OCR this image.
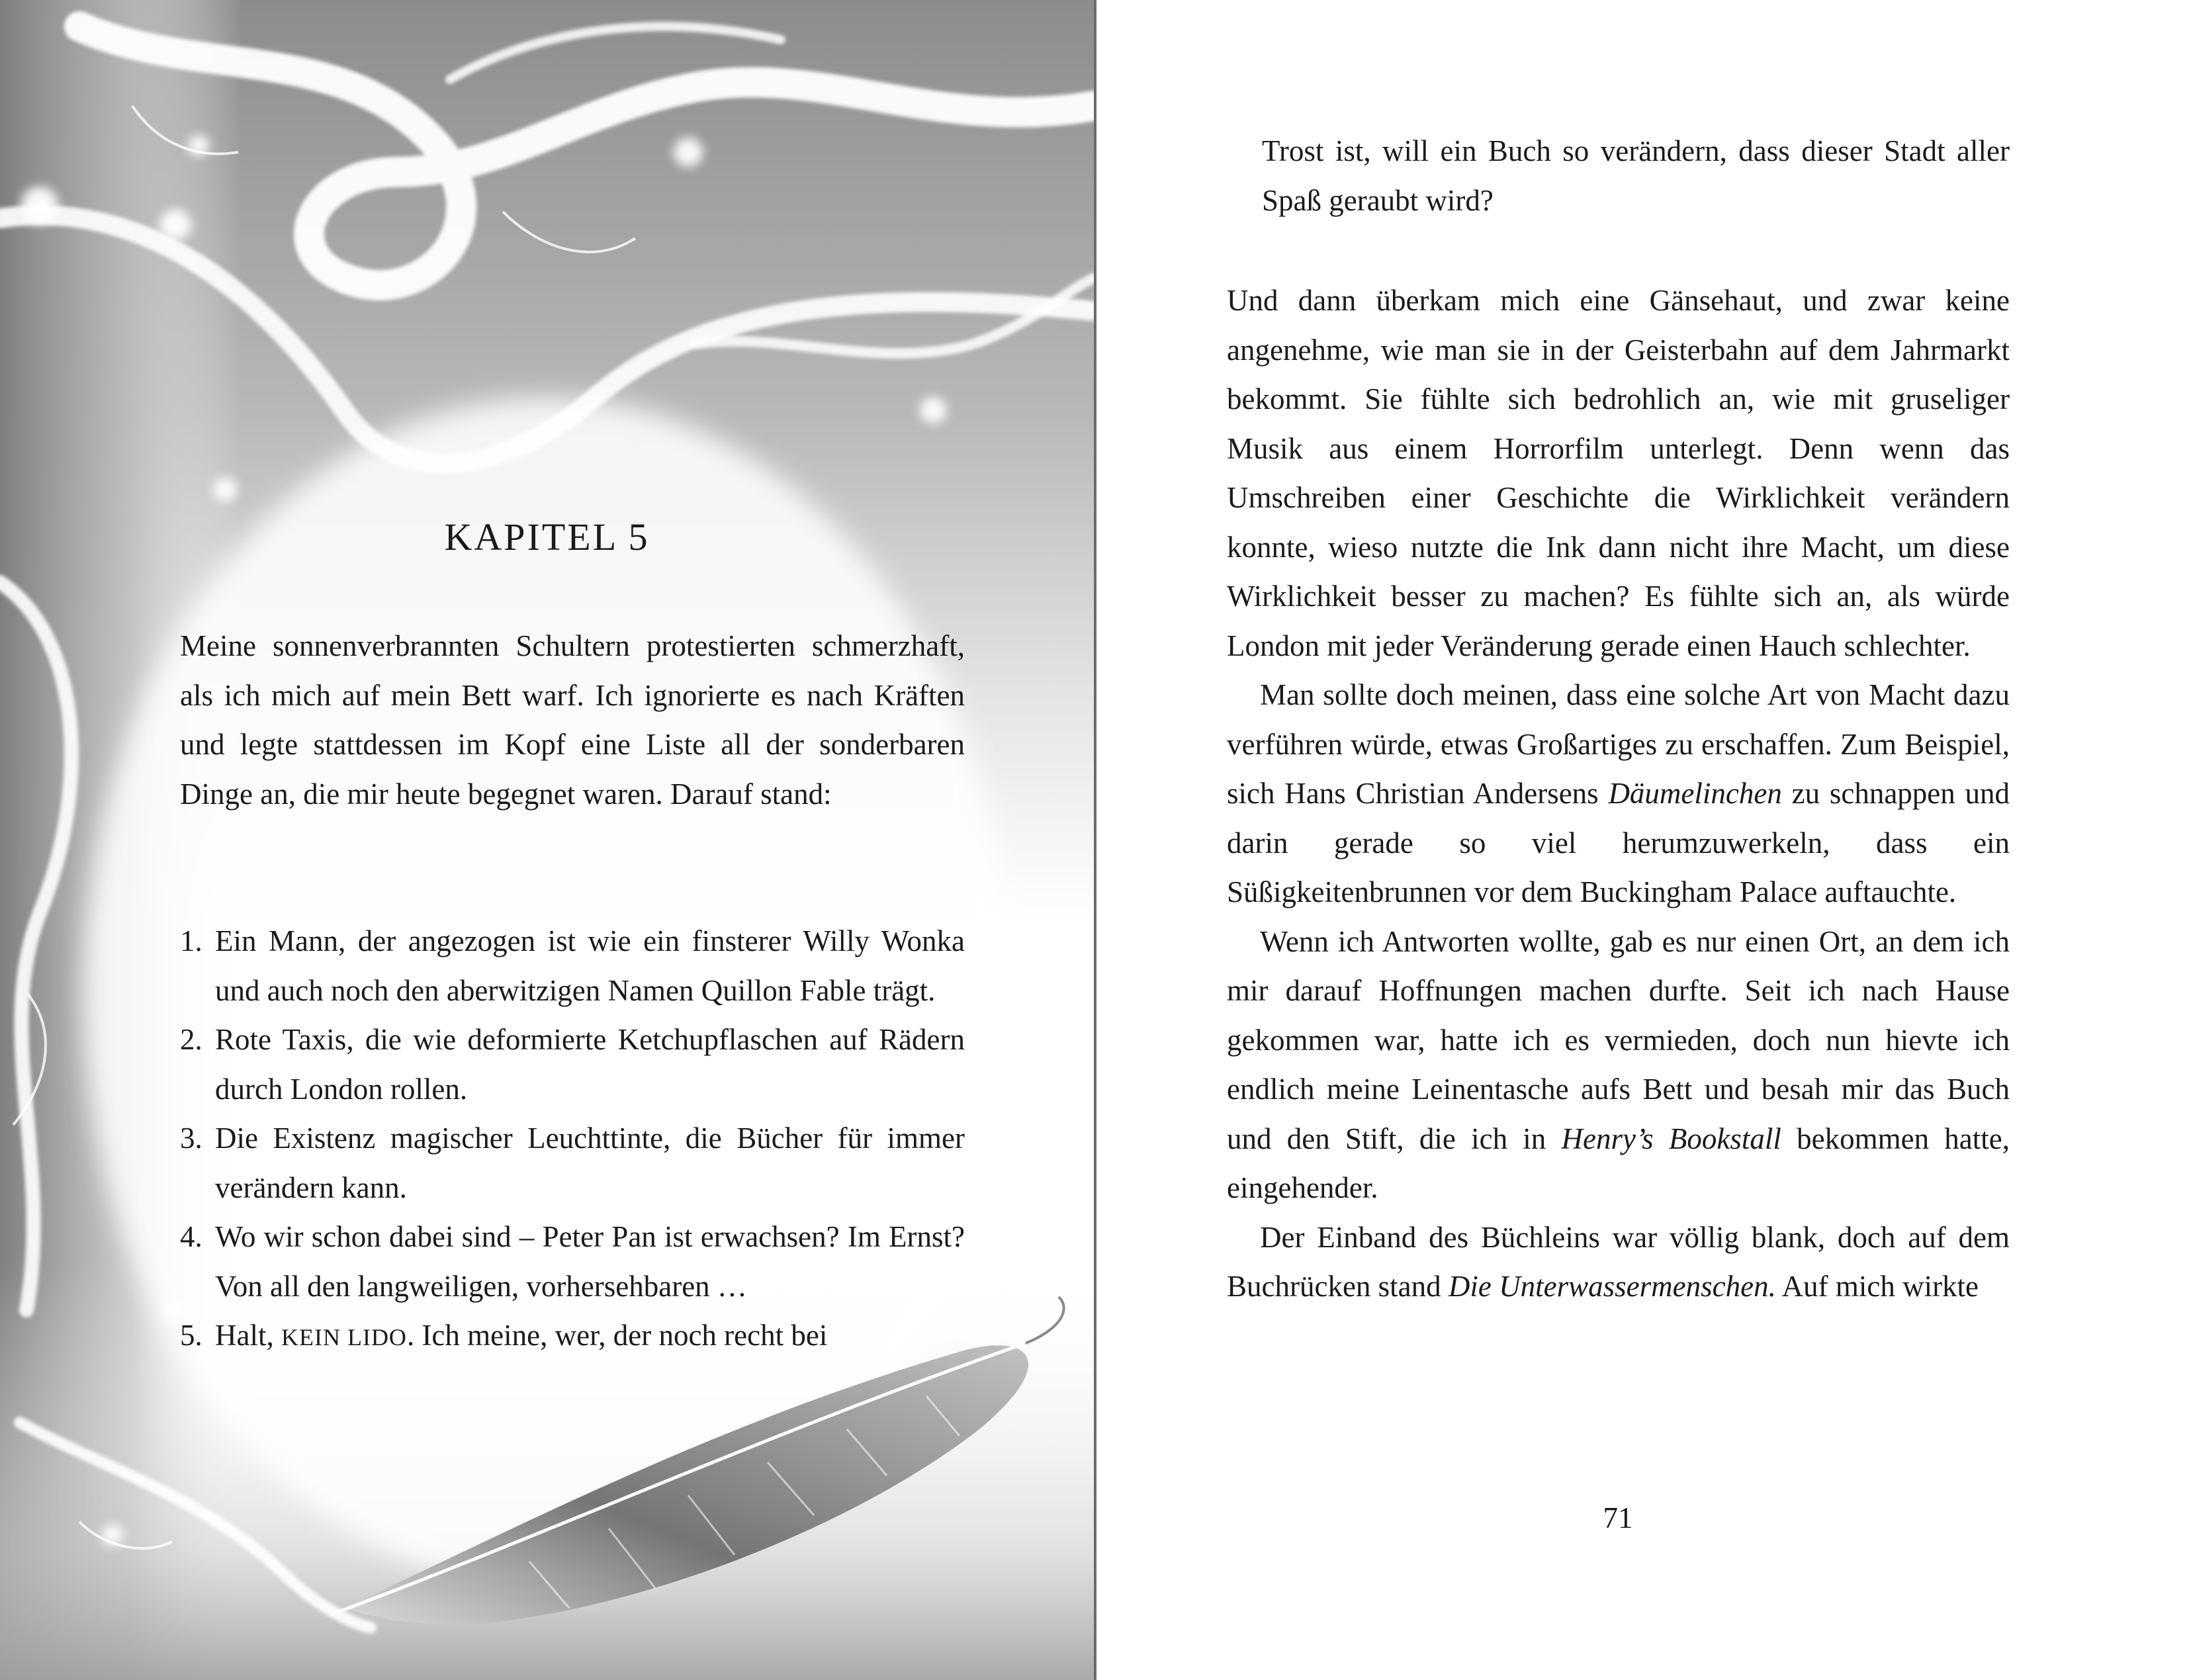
KAPITEL 5

Meine sonnenverbrannten Schultern protestierten schmerzhaft, als ich mich auf mein Bett warf. Ich ignorierte es nach Kräften und legte stattdessen im Kopf eine Liste all der sonderbaren Dinge an, die mir heute begegnet waren. Darauf stand:

1. Ein Mann, der angezogen ist wie ein finsterer Willy Wonka und auch noch den aberwitzigen Namen Quillon Fable trägt.
2. Rote Taxis, die wie deformierte Ketchupflaschen auf Rädern durch London rollen.
3. Die Existenz magischer Leuchttinte, die Bücher für immer verändern kann.
4. Wo wir schon dabei sind – Peter Pan ist erwachsen? Im Ernst? Von all den langweiligen, vorhersehbaren …
5. Halt, KEIN LIDO. Ich meine, wer, der noch recht bei

Trost ist, will ein Buch so verändern, dass dieser Stadt aller Spaß geraubt wird?

Und dann überkam mich eine Gänsehaut, und zwar keine angenehme, wie man sie in der Geisterbahn auf dem Jahrmarkt bekommt. Sie fühlte sich bedrohlich an, wie mit gruseliger Musik aus einem Horrorfilm unterlegt. Denn wenn das Umschreiben einer Geschichte die Wirklichkeit verändern konnte, wieso nutzte die Ink dann nicht ihre Macht, um diese Wirklichkeit besser zu machen? Es fühlte sich an, als würde London mit jeder Veränderung gerade einen Hauch schlechter.

Man sollte doch meinen, dass eine solche Art von Macht dazu verführen würde, etwas Großartiges zu erschaffen. Zum Beispiel, sich Hans Christian Andersens Däumelinchen zu schnappen und darin gerade so viel herumzuwerkeln, dass ein Süßigkeitenbrunnen vor dem Buckingham Palace auftauchte.

Wenn ich Antworten wollte, gab es nur einen Ort, an dem ich mir darauf Hoffnungen machen durfte. Seit ich nach Hause gekommen war, hatte ich es vermieden, doch nun hievte ich endlich meine Leinentasche aufs Bett und besah mir das Buch und den Stift, die ich in Henry’s Bookstall bekommen hatte, eingehender.

Der Einband des Büchleins war völlig blank, doch auf dem Buchrücken stand Die Unterwassermenschen. Auf mich wirkte

71
